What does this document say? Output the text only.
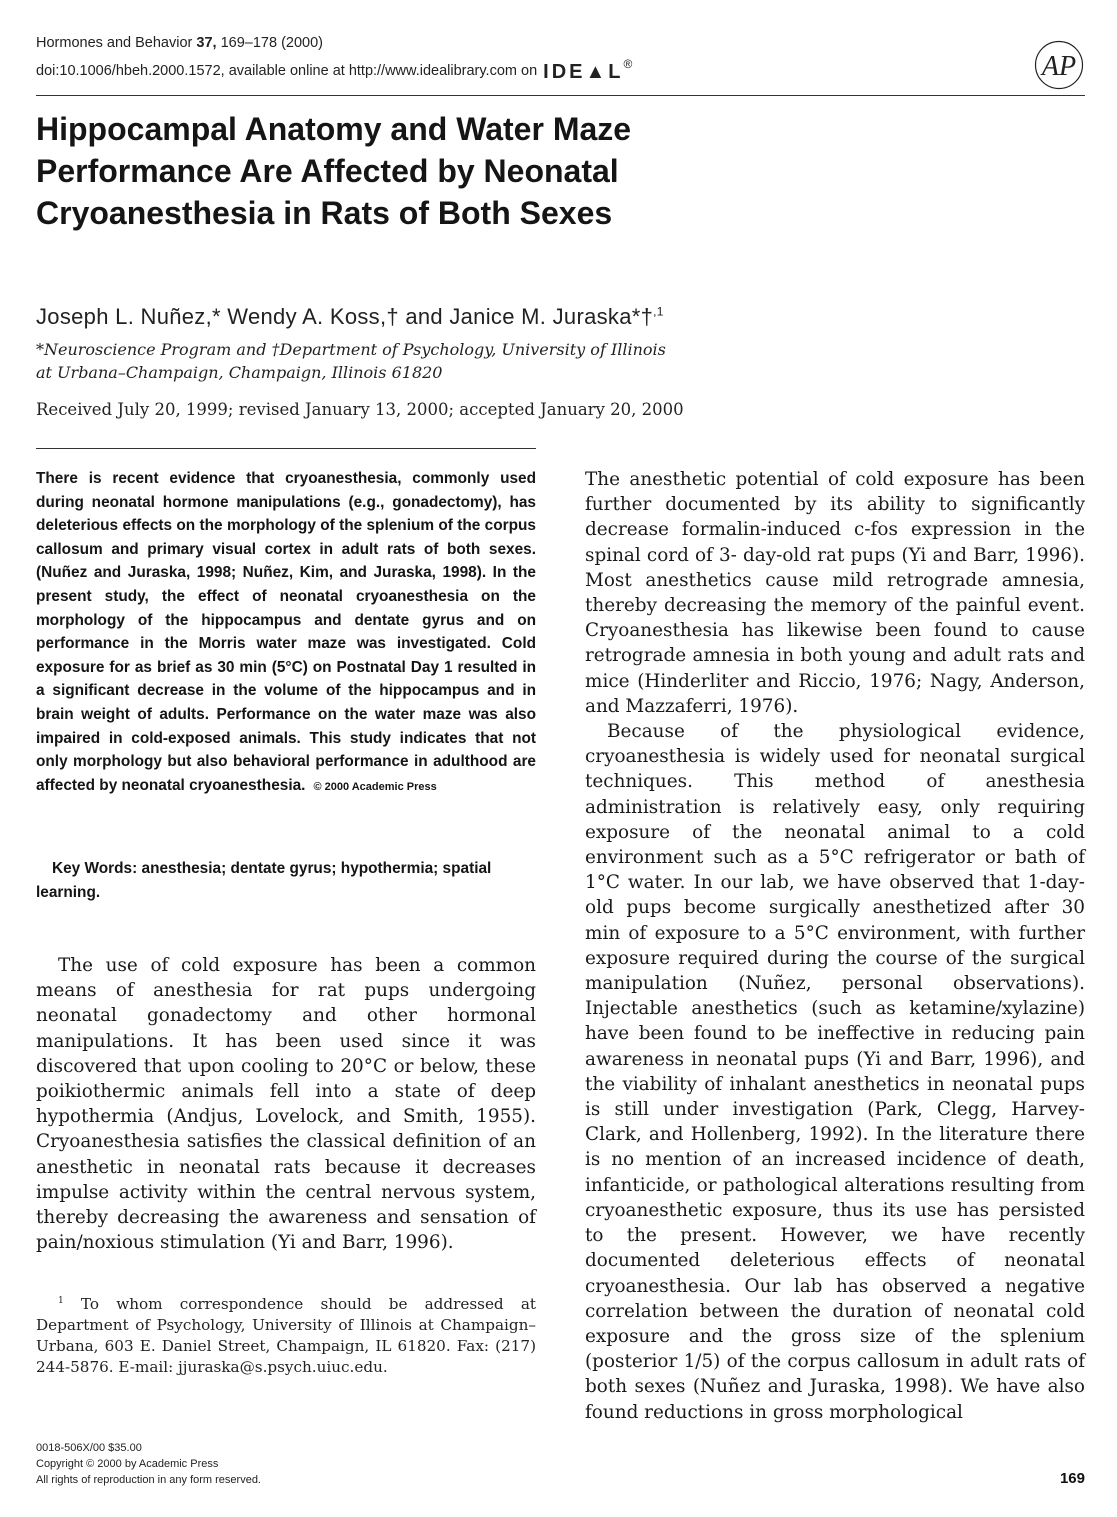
Hormones and Behavior 37, 169–178 (2000)
doi:10.1006/hbeh.2000.1572, available online at http://www.idealibrary.com on IDE▲L®	AP
Hippocampal Anatomy and Water Maze Performance Are Affected by Neonatal Cryoanesthesia in Rats of Both Sexes
Joseph L. Nuñez,* Wendy A. Koss,† and Janice M. Juraska*†$^{,1}$
*Neuroscience Program and †Department of Psychology, University of Illinois
at Urbana–Champaign, Champaign, Illinois 61820
Received July 20, 1999; revised January 13, 2000; accepted January 20, 2000
There is recent evidence that cryoanesthesia, commonly used during neonatal hormone manipulations (e.g., gonadectomy), has deleterious effects on the morphology of the splenium of the corpus callosum and primary visual cortex in adult rats of both sexes. (Nuñez and Juraska, 1998; Nuñez, Kim, and Juraska, 1998). In the present study, the effect of neonatal cryoanesthesia on the morphology of the hippocampus and dentate gyrus and on performance in the Morris water maze was investigated. Cold exposure for as brief as 30 min (5°C) on Postnatal Day 1 resulted in a significant decrease in the volume of the hippocampus and in brain weight of adults. Performance on the water maze was also impaired in cold-exposed animals. This study indicates that not only morphology but also behavioral performance in adulthood are affected by neonatal cryoanesthesia. © 2000 Academic Press
Key Words: anesthesia; dentate gyrus; hypothermia; spatial learning.

The use of cold exposure has been a common means of anesthesia for rat pups undergoing neonatal gonadectomy and other hormonal manipulations. It has been used since it was discovered that upon cooling to 20°C or below, these poikiothermic animals fell into a state of deep hypothermia (Andjus, Lovelock, and Smith, 1955). Cryoanesthesia satisfies the classical definition of an anesthetic in neonatal rats because it decreases impulse activity within the central nervous system, thereby decreasing the awareness and sensation of pain/noxious stimulation (Yi and Barr, 1996).

$^1$ To whom correspondence should be addressed at Department of Psychology, University of Illinois at Champaign–Urbana, 603 E. Daniel Street, Champaign, IL 61820. Fax: (217) 244-5876. E-mail: jjuraska@s.psych.uiuc.edu.

The anesthetic potential of cold exposure has been further documented by its ability to significantly decrease formalin-induced c-fos expression in the spinal cord of 3- day-old rat pups (Yi and Barr, 1996). Most anesthetics cause mild retrograde amnesia, thereby decreasing the memory of the painful event. Cryoanesthesia has likewise been found to cause retrograde amnesia in both young and adult rats and mice (Hinderliter and Riccio, 1976; Nagy, Anderson, and Mazzaferri, 1976).

Because of the physiological evidence, cryoanesthesia is widely used for neonatal surgical techniques. This method of anesthesia administration is relatively easy, only requiring exposure of the neonatal animal to a cold environment such as a 5°C refrigerator or bath of 1°C water. In our lab, we have observed that 1-day-old pups become surgically anesthetized after 30 min of exposure to a 5°C environment, with further exposure required during the course of the surgical manipulation (Nuñez, personal observations). Injectable anesthetics (such as ketamine/xylazine) have been found to be ineffective in reducing pain awareness in neonatal pups (Yi and Barr, 1996), and the viability of inhalant anesthetics in neonatal pups is still under investigation (Park, Clegg, Harvey-Clark, and Hollenberg, 1992). In the literature there is no mention of an increased incidence of death, infanticide, or pathological alterations resulting from cryoanesthetic exposure, thus its use has persisted to the present. However, we have recently documented deleterious effects of neonatal cryoanesthesia. Our lab has observed a negative correlation between the duration of neonatal cold exposure and the gross size of the splenium (posterior 1/5) of the corpus callosum in adult rats of both sexes (Nuñez and Juraska, 1998). We have also found reductions in gross morphological

0018-506X/00 $35.00
Copyright © 2000 by Academic Press
All rights of reproduction in any form reserved.	169
